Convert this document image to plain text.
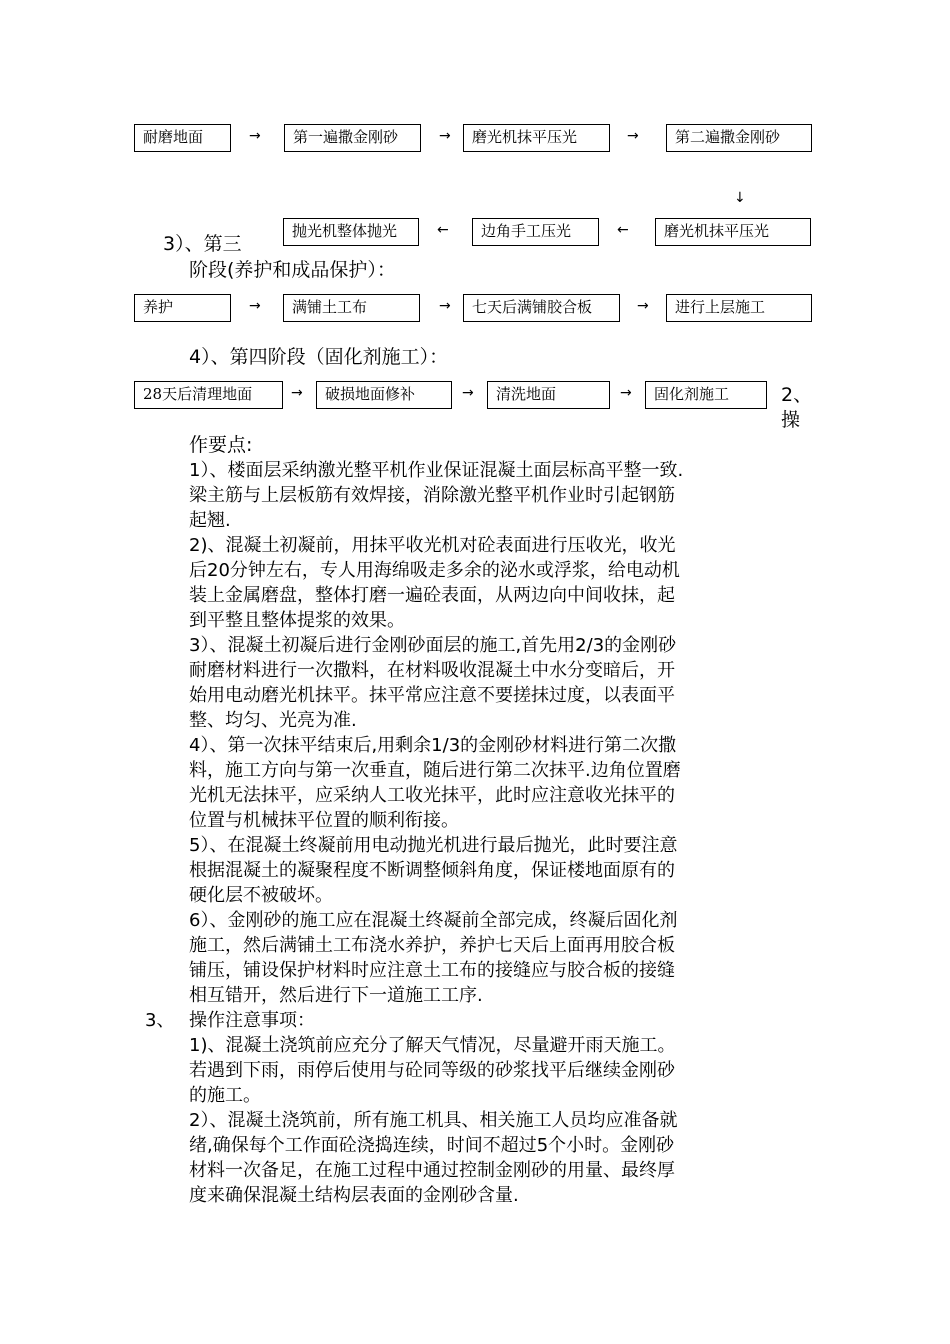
耐磨地面	→	第一遍撒金刚砂	→	磨光机抹平压光	→	第二遍撒金刚砂
↓
抛光机整体抛光	←	边角手工压光	←	磨光机抹平压光
3）、第三
阶段(养护和成品保护）：
养护	→	满铺土工布	→	七天后满铺胶合板	→	进行上层施工
4）、第四阶段（固化剂施工）：
28天后清理地面	→	破损地面修补	→	清洗地面	→	固化剂施工	2、
操
作要点:
1）、楼面层采纳激光整平机作业保证混凝土面层标高平整一致.
梁主筋与上层板筋有效焊接，消除激光整平机作业时引起钢筋
起翘.
2)、混凝土初凝前，用抹平收光机对砼表面进行压收光，收光
后20分钟左右，专人用海绵吸走多余的泌水或浮浆，给电动机
装上金属磨盘，整体打磨一遍砼表面，从两边向中间收抹，起
到平整且整体提浆的效果。
3）、混凝土初凝后进行金刚砂面层的施工,首先用2/3的金刚砂
耐磨材料进行一次撒料，在材料吸收混凝土中水分变暗后，开
始用电动磨光机抹平。抹平常应注意不要搓抹过度，以表面平
整、均匀、光亮为准.
4）、第一次抹平结束后,用剩余1/3的金刚砂材料进行第二次撒
料，施工方向与第一次垂直，随后进行第二次抹平.边角位置磨
光机无法抹平，应采纳人工收光抹平，此时应注意收光抹平的
位置与机械抹平位置的顺利衔接。
5）、在混凝土终凝前用电动抛光机进行最后抛光，此时要注意
根据混凝土的凝聚程度不断调整倾斜角度，保证楼地面原有的
硬化层不被破坏。
6）、金刚砂的施工应在混凝土终凝前全部完成，终凝后固化剂
施工，然后满铺土工布浇水养护，养护七天后上面再用胶合板
铺压，铺设保护材料时应注意土工布的接缝应与胶合板的接缝
相互错开，然后进行下一道施工工序.
3、 操作注意事项：
1)、混凝土浇筑前应充分了解天气情况，尽量避开雨天施工。
若遇到下雨，雨停后使用与砼同等级的砂浆找平后继续金刚砂
的施工。
2）、混凝土浇筑前，所有施工机具、相关施工人员均应准备就
绪,确保每个工作面砼浇捣连续，时间不超过5个小时。金刚砂
材料一次备足，在施工过程中通过控制金刚砂的用量、最终厚
度来确保混凝土结构层表面的金刚砂含量.
